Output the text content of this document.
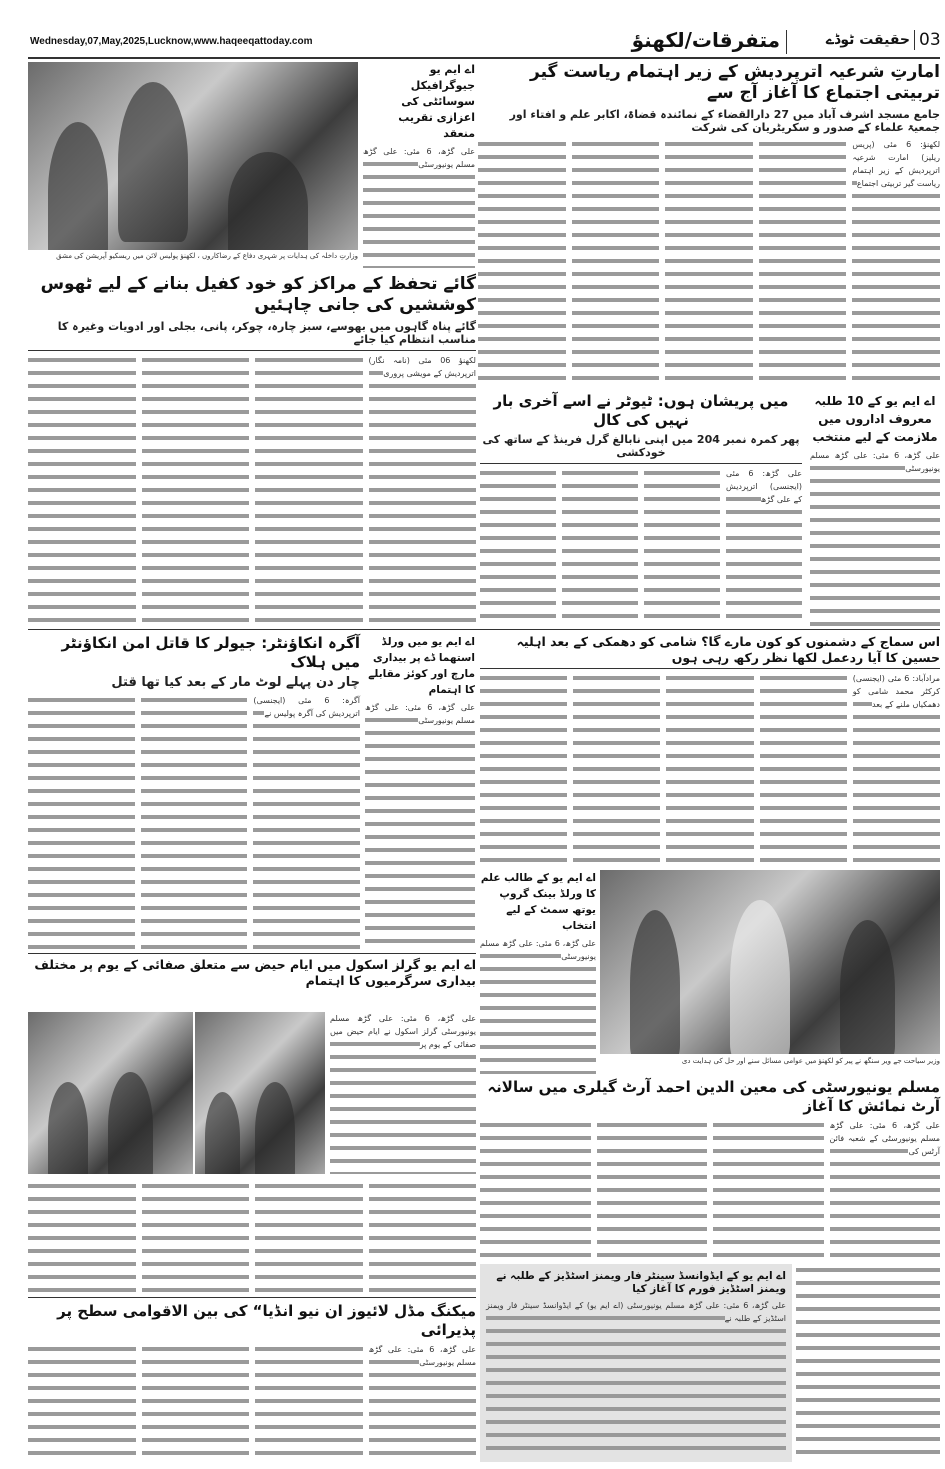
Wednesday,07,May,2025,Lucknow,www.haqeeqattoday.com	متفرقات/لکھنؤ	حقیقت ٹوڈے 03
وزارتِ داخلہ کی ہدایات پر شہری دفاع کے رضاکاروں ، لکھنؤ پولیس لائن میں ریسکیو آپریشن کی مشق
اے ایم یو جیوگرافیکل سوسائٹی کی اعزازی تقریب منعقد
علی گڑھ، 6 مئی: علی گڑھ مسلم یونیورسٹی
امارتِ شرعیہ اترپردیش کے زیر اہتمام ریاست گیر تربیتی اجتماع کا آغاز آج سے
جامع مسجد اشرف آباد میں 27 دارالقضاء کے نمائندہ قضاۃ، اکابر علم و افتاء اور جمعیۃ علماء کے صدور و سکریٹریان کی شرکت
لکھنؤ: 6 مئی (پریس ریلیز) امارت شرعیہ اترپردیش کے زیر اہتمام ریاست گیر تربیتی اجتماع
گائے تحفظ کے مراکز کو خود کفیل بنانے کے لیے ٹھوس کوششیں کی جانی چاہئیں
گائے پناہ گاہوں میں بھوسے، سبز چارہ، چوکر، پانی، بجلی اور ادویات وغیرہ کا مناسب انتظام کیا جائے
لکھنؤ 06 مئی (نامہ نگار) اترپردیش کے مویشی پروری
اے ایم یو کے 10 طلبہ معروف اداروں میں ملازمت کے لیے منتخب
علی گڑھ، 6 مئی: علی گڑھ مسلم یونیورسٹی
میں پریشان ہوں: ٹیوٹر نے اسے آخری بار نہیں کی کال
پھر کمرہ نمبر 204 میں اپنی نابالغ گرل فرینڈ کے ساتھ کی خودکشی
علی گڑھ: 6 مئی (ایجنسی) اترپردیش کے علی گڑھ
آگرہ انکاؤنٹر: جیولر کا قاتل امن انکاؤنٹر میں ہلاک
چار دن پہلے لوٹ مار کے بعد کیا تھا قتل
آگرہ: 6 مئی (ایجنسی) اترپردیش کی آگرہ پولیس نے
اے ایم یو میں ورلڈ استھما ڈے پر بیداری مارچ اور کوئز مقابلے کا اہتمام
علی گڑھ، 6 مئی: علی گڑھ مسلم یونیورسٹی
اس سماج کے دشمنوں کو کون مارے گا؟ شامی کو دھمکی کے بعد اہلیہ حسین کا آیا ردعمل لکھا نظر رکھ رہی ہوں
مرادآباد: 6 مئی (ایجنسی) کرکٹر محمد شامی کو دھمکیاں ملنے کے بعد
اے ایم یو کے طالب علم کا ورلڈ بینک گروپ یوتھ سمٹ کے لیے انتخاب
علی گڑھ، 6 مئی: علی گڑھ مسلم یونیورسٹی
وزیر سیاحت جے ویر سنگھ نے پیر کو لکھنؤ میں عوامی مسائل سنے اور حل کی ہدایت دی
اے ایم یو گرلز اسکول میں ایام حیض سے متعلق صفائی کے یوم پر مختلف بیداری سرگرمیوں کا اہتمام
علی گڑھ، 6 مئی: علی گڑھ مسلم یونیورسٹی گرلز اسکول نے ایام حیض میں صفائی کے یوم پر
میکنگ مڈل لائیوز ان نیو انڈیا“ کی بین الاقوامی سطح پر پذیرائی
علی گڑھ، 6 مئی: علی گڑھ مسلم یونیورسٹی
مسلم یونیورسٹی کی معین الدین احمد آرٹ گیلری میں سالانہ آرٹ نمائش کا آغاز
علی گڑھ، 6 مئی: علی گڑھ مسلم یونیورسٹی کے شعبہ فائن آرٹس کی
اے ایم یو کے ایڈوانسڈ سینٹر فار ویمنز اسٹڈیز کے طلبہ نے ویمنز اسٹڈیز فورم کا آغاز کیا
علی گڑھ، 6 مئی: علی گڑھ مسلم یونیورسٹی (اے ایم یو) کے ایڈوانسڈ سینٹر فار ویمنز اسٹڈیز کے طلبہ نے
